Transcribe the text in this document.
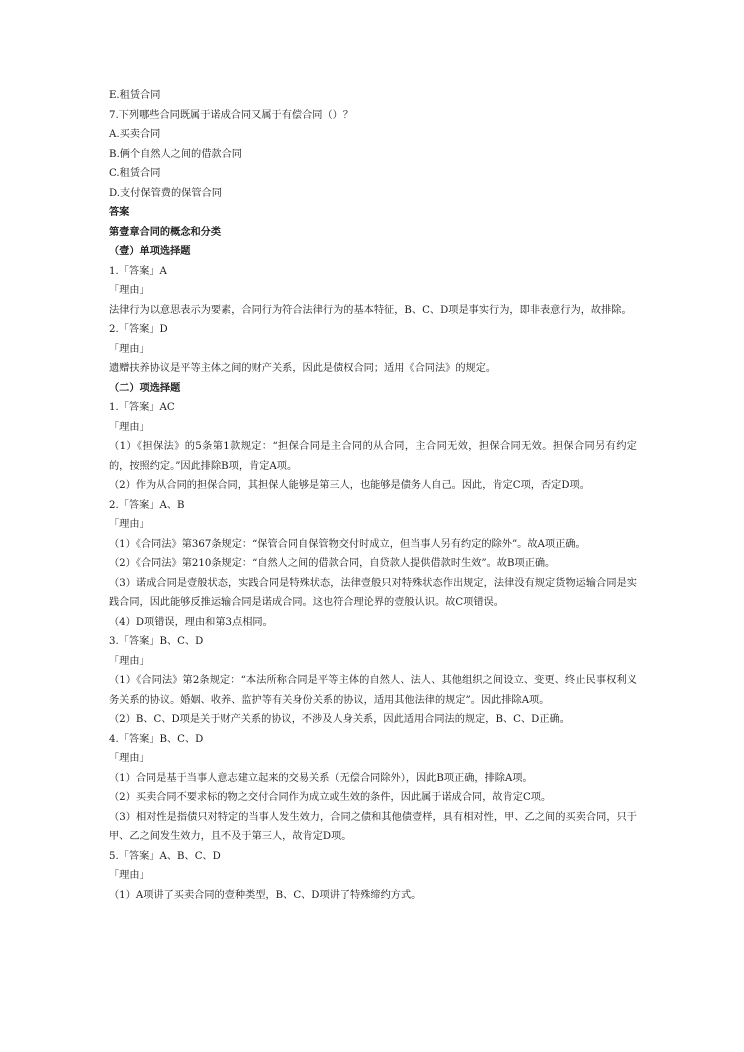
E.租赁合同

7.下列哪些合同既属于诺成合同又属于有偿合同（）？

A.买卖合同

B.俩个自然人之间的借款合同

C.租赁合同

D.支付保管费的保管合同

答案

第壹章合同的概念和分类

（壹）单项选择题

1.「答案」A

「理由」

法律行为以意思表示为要素，合同行为符合法律行为的基本特征，B、C、D项是事实行为，即非表意行为，故排除。

2.「答案」D

「理由」

遗赠扶养协议是平等主体之间的财产关系，因此是债权合同；适用《合同法》的规定。

（二）项选择题

1.「答案」AC

「理由」

（1）《担保法》的5条第1款规定：“担保合同是主合同的从合同，主合同无效，担保合同无效。担保合同另有约定的，按照约定。”因此排除B项，肯定A项。

（2）作为从合同的担保合同，其担保人能够是第三人，也能够是债务人自己。因此，肯定C项，否定D项。

2.「答案」A、B

「理由」

（1）《合同法》第367条规定：“保管合同自保管物交付时成立，但当事人另有约定的除外”。故A项正确。

（2）《合同法》第210条规定：“自然人之间的借款合同，自贷款人提供借款时生效”。故B项正确。

（3）诺成合同是壹般状态，实践合同是特殊状态，法律壹般只对特殊状态作出规定，法律没有规定货物运输合同是实践合同，因此能够反推运输合同是诺成合同。这也符合理论界的壹般认识。故C项错误。

（4）D项错误，理由和第3点相同。

3.「答案」B、C、D

「理由」

（1）《合同法》第2条规定：“本法所称合同是平等主体的自然人、法人、其他组织之间设立、变更、终止民事权利义务关系的协议。婚姻、收养、监护等有关身份关系的协议，适用其他法律的规定”。因此排除A项。

（2）B、C、D项是关于财产关系的协议，不涉及人身关系，因此适用合同法的规定，B、C、D正确。

4.「答案」B、C、D

「理由」

（1）合同是基于当事人意志建立起来的交易关系（无偿合同除外），因此B项正确，排除A项。

（2）买卖合同不要求标的物之交付合同作为成立或生效的条件，因此属于诺成合同，故肯定C项。

（3）相对性是指债只对特定的当事人发生效力，合同之债和其他债壹样，具有相对性，甲、乙之间的买卖合同，只于甲、乙之间发生效力，且不及于第三人，故肯定D项。

5.「答案」A、B、C、D

「理由」

（1）A项讲了买卖合同的壹种类型，B、C、D项讲了特殊缔约方式。
